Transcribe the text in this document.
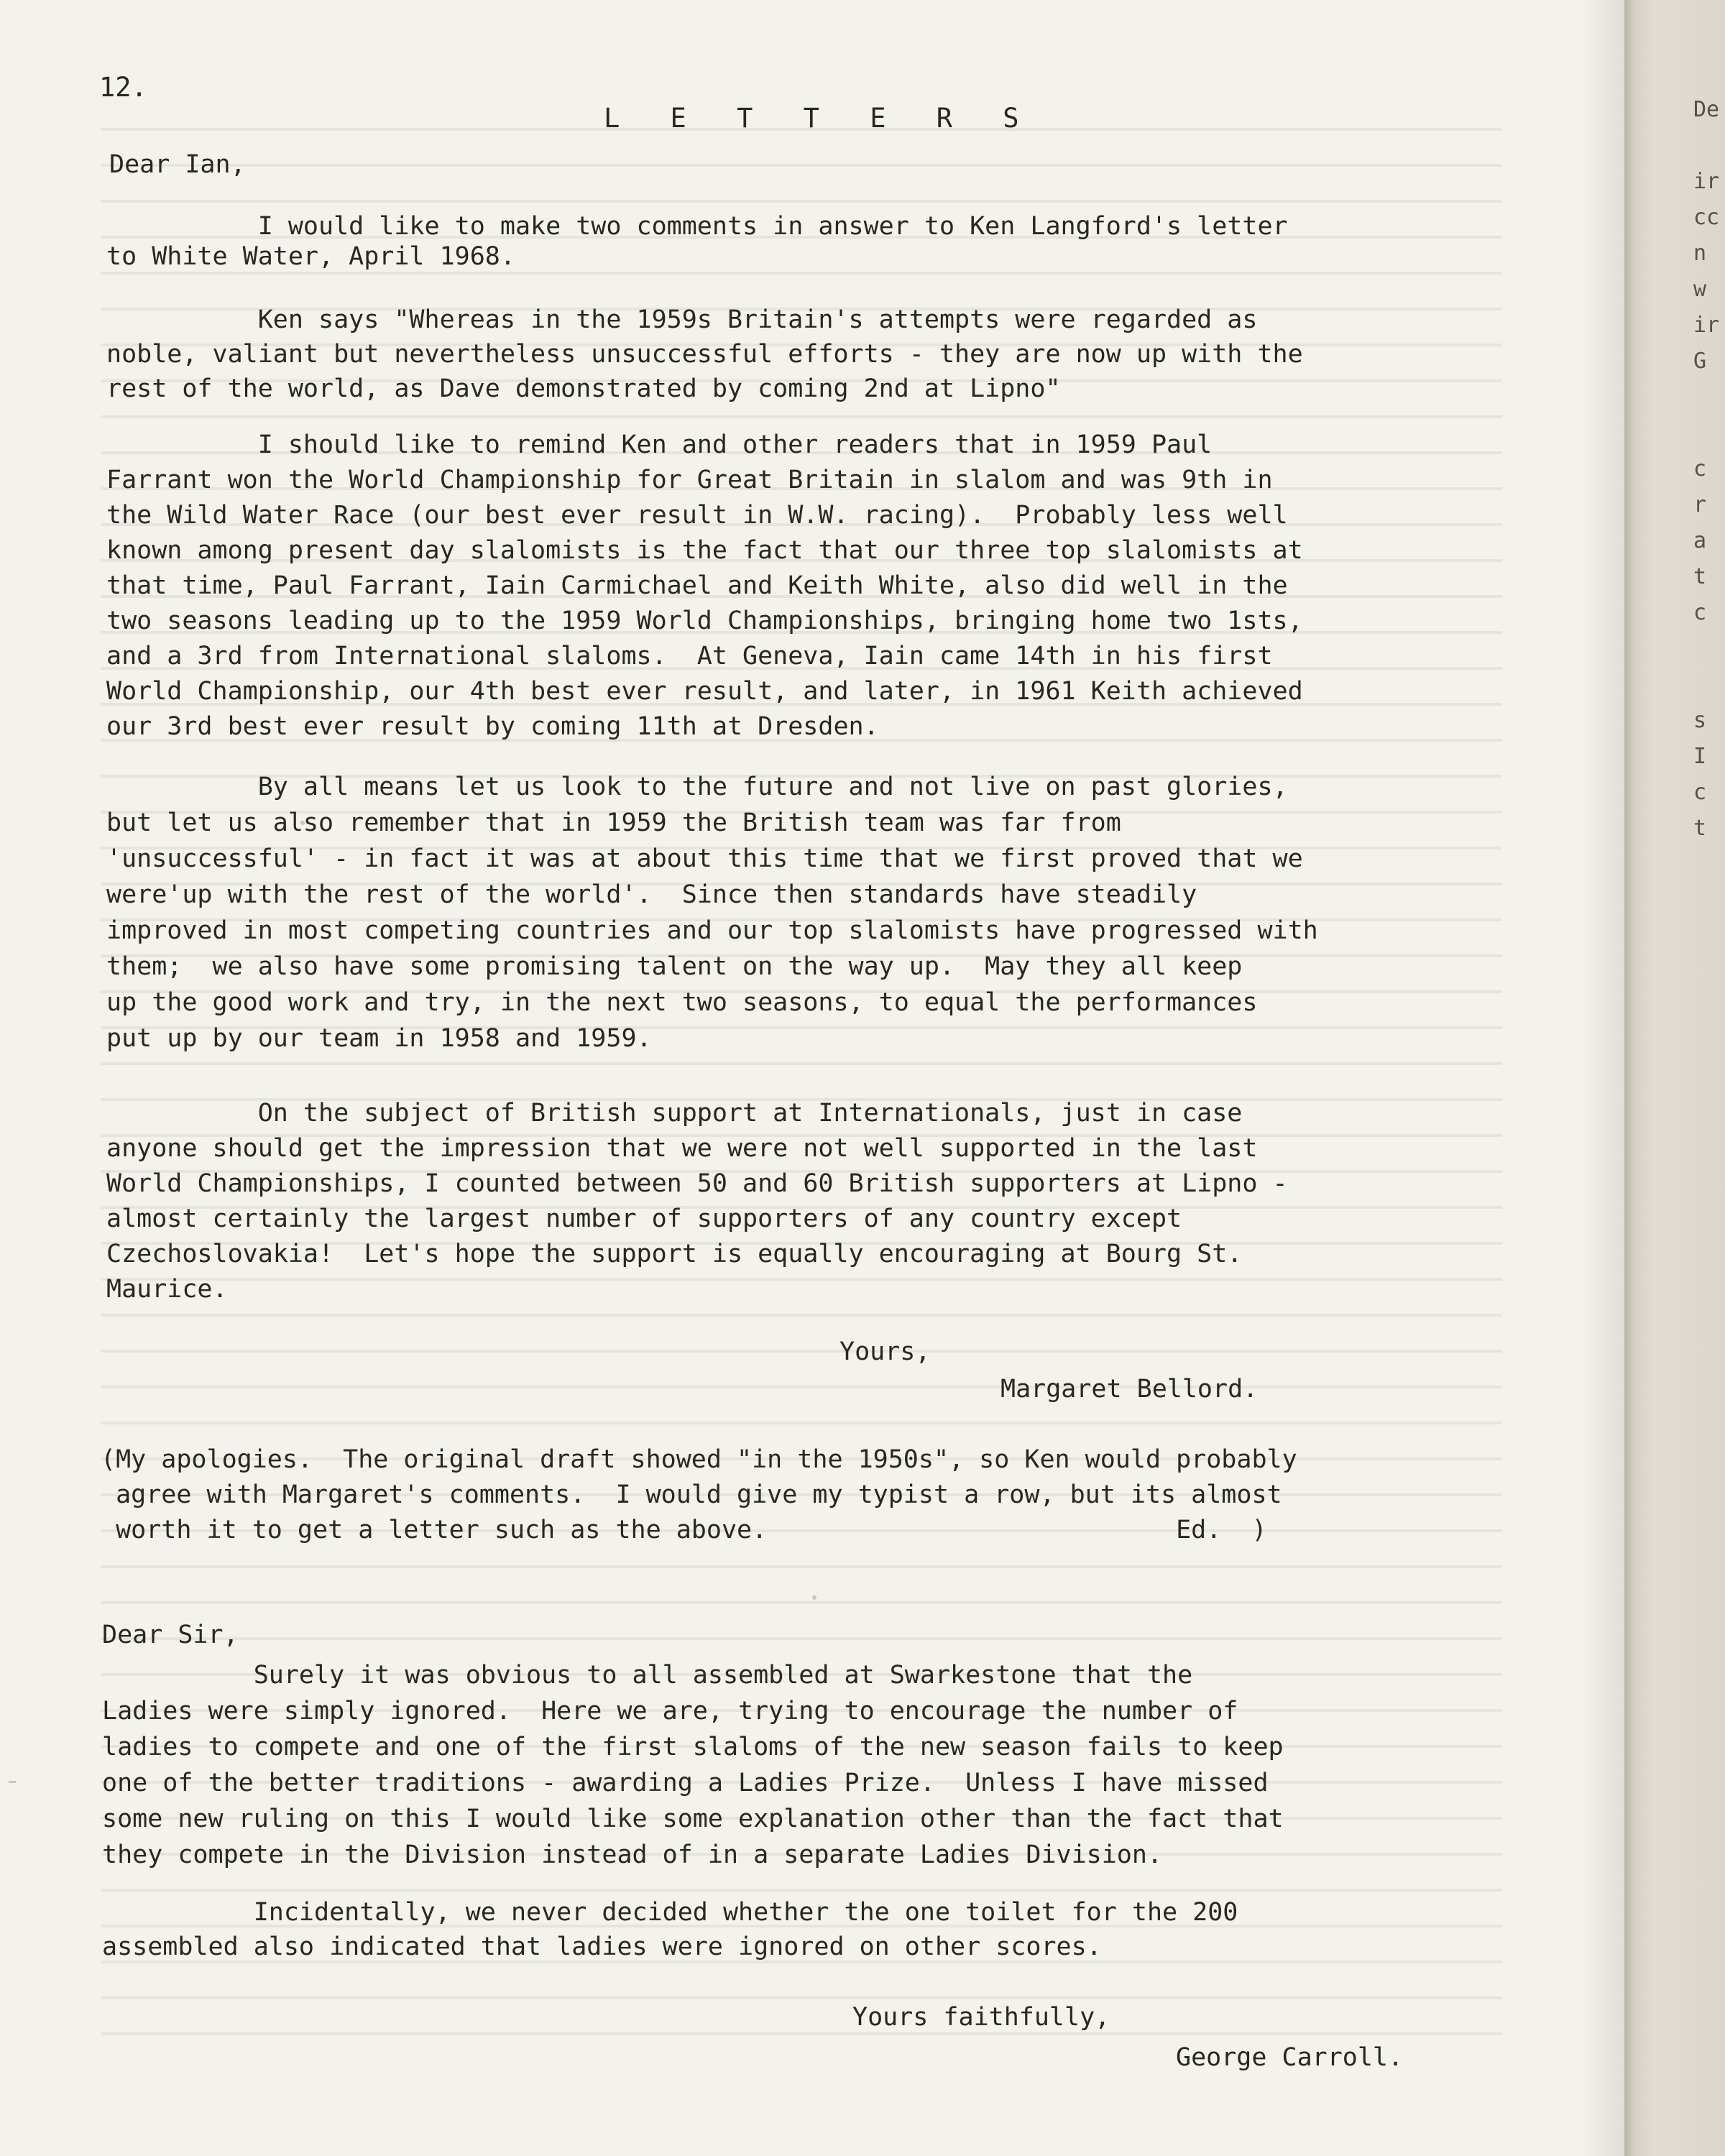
12.
L E T T E R S
Dear Ian,
I would like to make two comments in answer to Ken Langford's letter
to White Water, April 1968.
Ken says "Whereas in the 1959s Britain's attempts were regarded as
noble, valiant but nevertheless unsuccessful efforts - they are now up with the
rest of the world, as Dave demonstrated by coming 2nd at Lipno"
I should like to remind Ken and other readers that in 1959 Paul
Farrant won the World Championship for Great Britain in slalom and was 9th in
the Wild Water Race (our best ever result in W.W. racing).  Probably less well
known among present day slalomists is the fact that our three top slalomists at
that time, Paul Farrant, Iain Carmichael and Keith White, also did well in the
two seasons leading up to the 1959 World Championships, bringing home two 1sts,
and a 3rd from International slaloms.  At Geneva, Iain came 14th in his first
World Championship, our 4th best ever result, and later, in 1961 Keith achieved
our 3rd best ever result by coming 11th at Dresden.
By all means let us look to the future and not live on past glories,
but let us also remember that in 1959 the British team was far from
'unsuccessful' - in fact it was at about this time that we first proved that we
were'up with the rest of the world'.  Since then standards have steadily
improved in most competing countries and our top slalomists have progressed with
them;  we also have some promising talent on the way up.  May they all keep
up the good work and try, in the next two seasons, to equal the performances
put up by our team in 1958 and 1959.
On the subject of British support at Internationals, just in case
anyone should get the impression that we were not well supported in the last
World Championships, I counted between 50 and 60 British supporters at Lipno -
almost certainly the largest number of supporters of any country except
Czechoslovakia!  Let's hope the support is equally encouraging at Bourg St.
Maurice.
Yours,
Margaret Bellord.
(My apologies.  The original draft showed "in the 1950s", so Ken would probably
agree with Margaret's comments.  I would give my typist a row, but its almost
worth it to get a letter such as the above.                           Ed.  )
Dear Sir,
Surely it was obvious to all assembled at Swarkestone that the
Ladies were simply ignored.  Here we are, trying to encourage the number of
ladies to compete and one of the first slaloms of the new season fails to keep
one of the better traditions - awarding a Ladies Prize.  Unless I have missed
some new ruling on this I would like some explanation other than the fact that
they compete in the Division instead of in a separate Ladies Division.
Incidentally, we never decided whether the one toilet for the 200
assembled also indicated that ladies were ignored on other scores.
Yours faithfully,
George Carroll.
De

ir
cc
n
w
ir
G

c
r
a
t
c

s
I
c
t
